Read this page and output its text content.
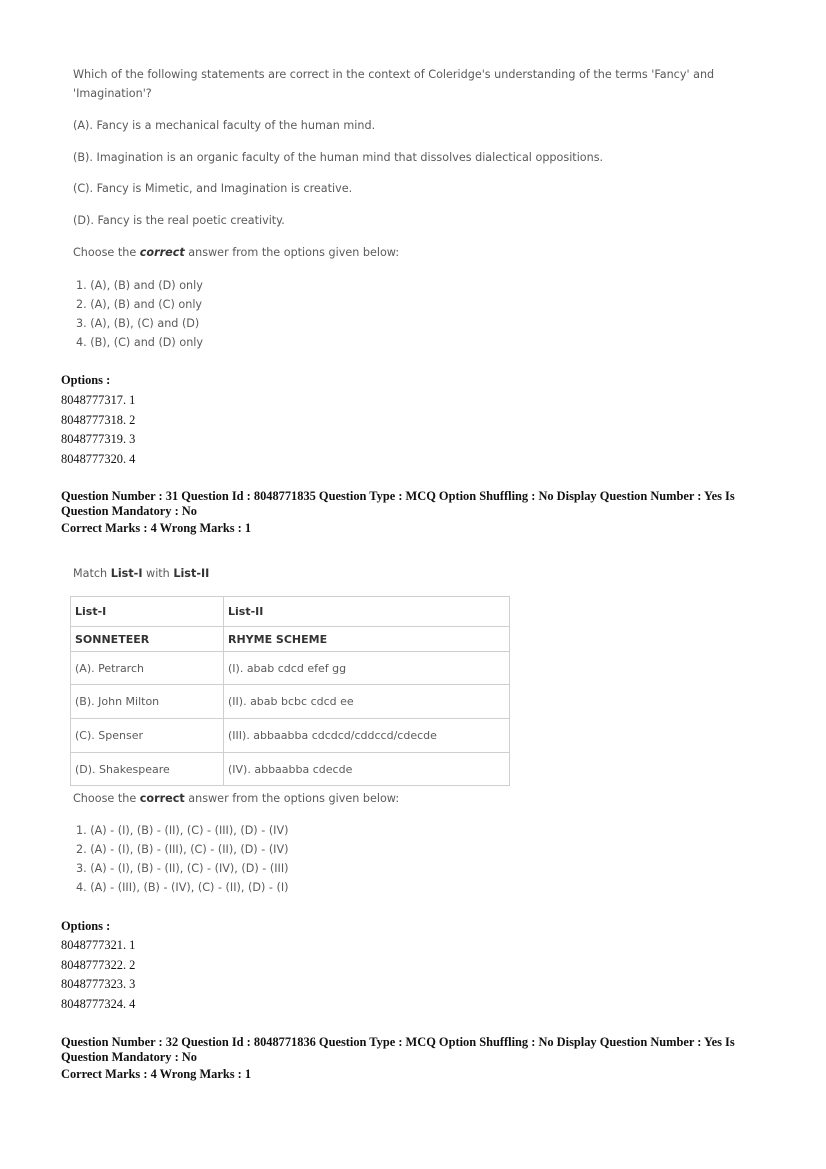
Which of the following statements are correct in the context of Coleridge's understanding of the terms 'Fancy' and

'Imagination'?

(A). Fancy is a mechanical faculty of the human mind.

(B). Imagination is an organic faculty of the human mind that dissolves dialectical oppositions.

(C). Fancy is Mimetic, and Imagination is creative.

(D). Fancy is the real poetic creativity.

Choose the correct answer from the options given below:

1. (A), (B) and (D) only
2. (A), (B) and (C) only
3. (A), (B), (C) and (D)
4. (B), (C) and (D) only

Options :

8048777317. 1
8048777318. 2
8048777319. 3
8048777320. 4

Question Number : 31 Question Id : 8048771835 Question Type : MCQ Option Shuffling : No Display Question Number : Yes Is

Question Mandatory : No

Correct Marks : 4 Wrong Marks : 1

Match List-I with List-II

List-I	List-II
SONNETEER	RHYME SCHEME
(A). Petrarch	(I). abab cdcd efef gg
(B). John Milton	(II). abab bcbc cdcd ee
(C). Spenser	(III). abbaabba cdcdcd/cddccd/cdecde
(D). Shakespeare	(IV). abbaabba cdecde

Choose the correct answer from the options given below:

1. (A) - (I), (B) - (II), (C) - (III), (D) - (IV)
2. (A) - (I), (B) - (III), (C) - (II), (D) - (IV)
3. (A) - (I), (B) - (II), (C) - (IV), (D) - (III)
4. (A) - (III), (B) - (IV), (C) - (II), (D) - (I)

Options :

8048777321. 1
8048777322. 2
8048777323. 3
8048777324. 4

Question Number : 32 Question Id : 8048771836 Question Type : MCQ Option Shuffling : No Display Question Number : Yes Is

Question Mandatory : No

Correct Marks : 4 Wrong Marks : 1
